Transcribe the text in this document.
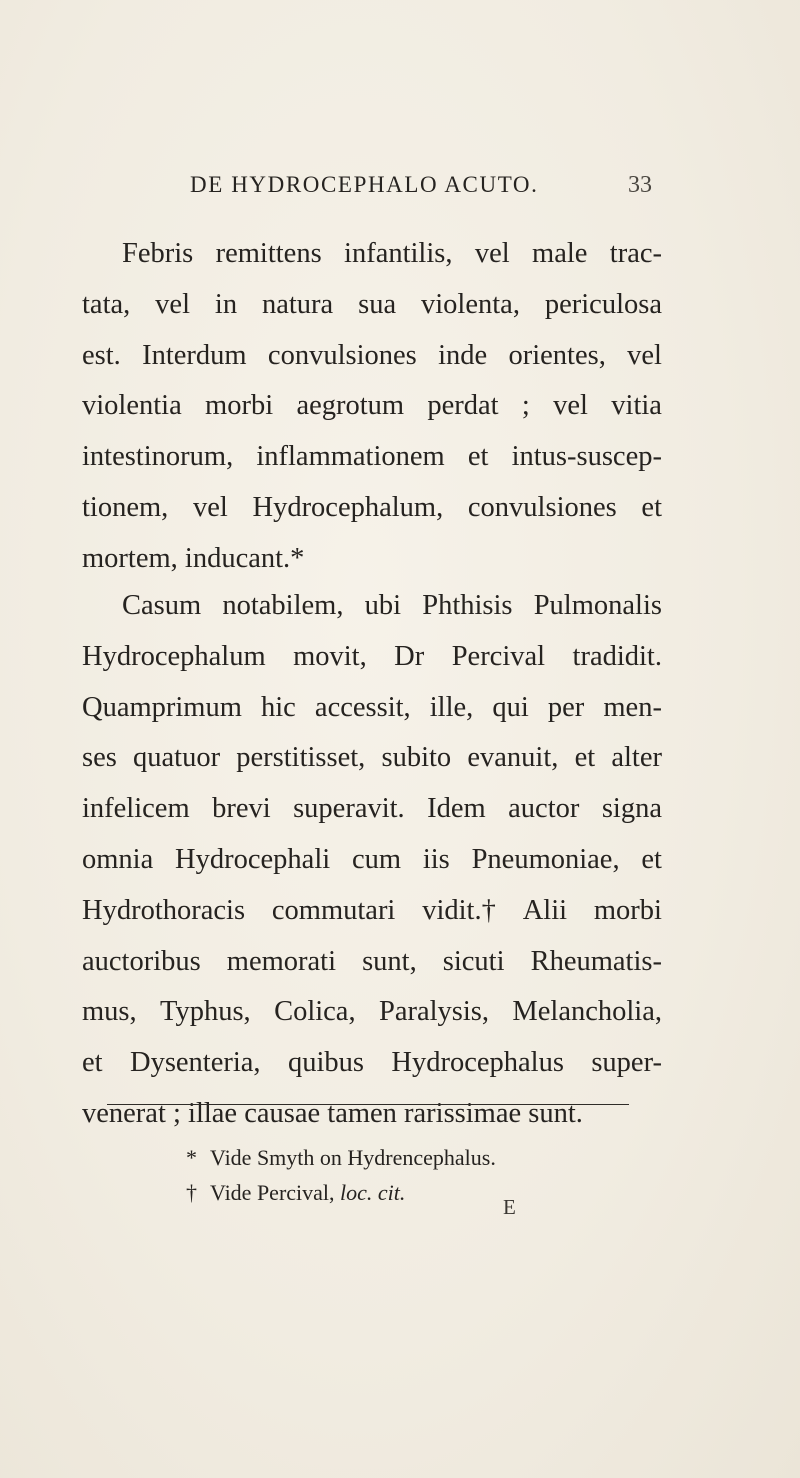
DE HYDROCEPHALO ACUTO.	33
Febris remittens infantilis, vel male trac-
tata, vel in natura sua violenta, periculosa
est. Interdum convulsiones inde orientes, vel
violentia morbi aegrotum perdat ; vel vitia
intestinorum, inflammationem et intus-suscep-
tionem, vel Hydrocephalum, convulsiones et
mortem, inducant.*
Casum notabilem, ubi Phthisis Pulmonalis
Hydrocephalum movit, Dr Percival tradidit.
Quamprimum hic accessit, ille, qui per men-
ses quatuor perstitisset, subito evanuit, et alter
infelicem brevi superavit. Idem auctor signa
omnia Hydrocephali cum iis Pneumoniae, et
Hydrothoracis commutari vidit.† Alii morbi
auctoribus memorati sunt, sicuti Rheumatis-
mus, Typhus, Colica, Paralysis, Melancholia,
et Dysenteria, quibus Hydrocephalus super-
venerat ; illae causae tamen rarissimae sunt.
* Vide Smyth on Hydrencephalus.
† Vide Percival, loc. cit.
E
